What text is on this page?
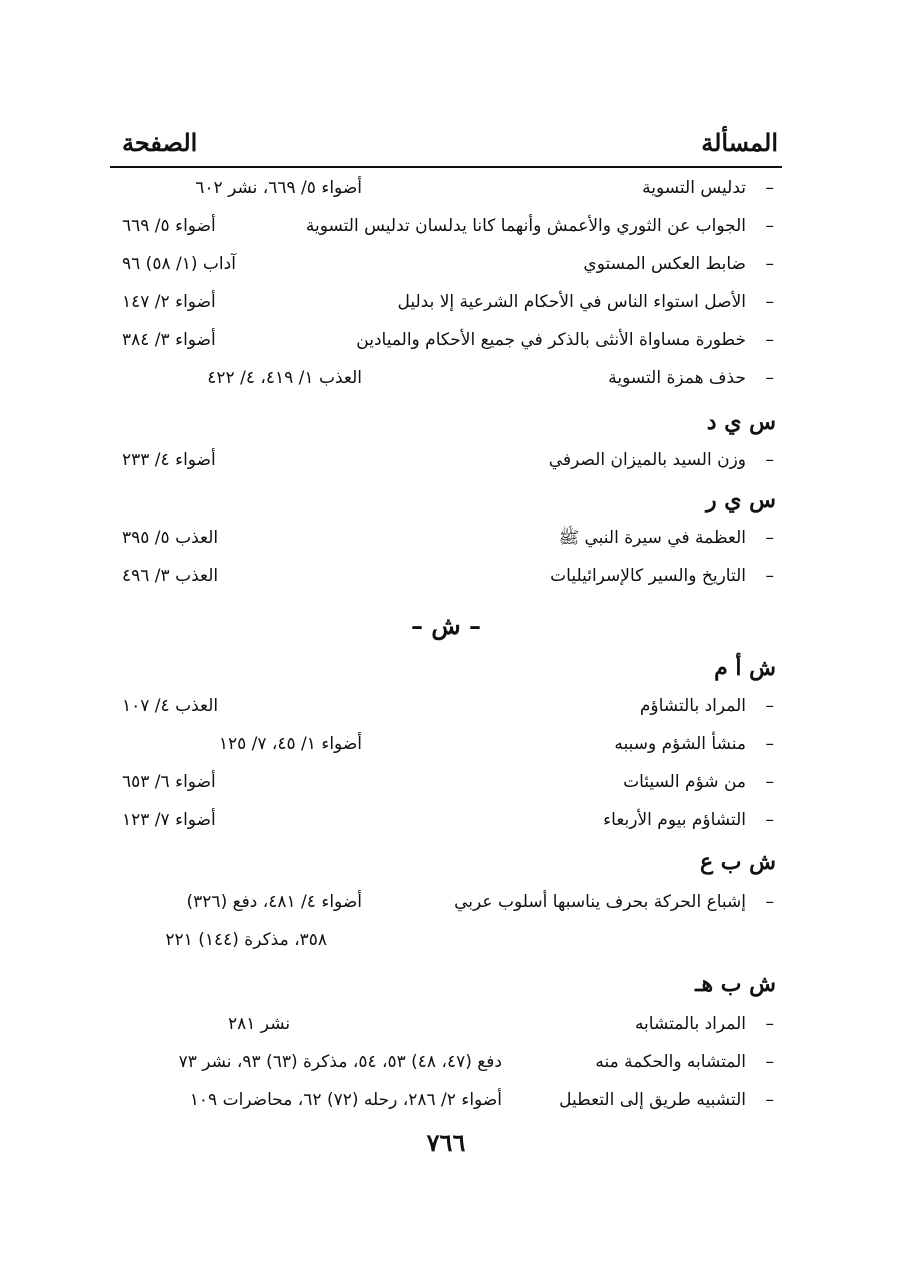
المسألة
الصفحة
–
تدليس التسوية
أضواء ٥/ ٦٦٩، نشر ٦٠٢
–
الجواب عن الثوري والأعمش وأنهما كانا يدلسان تدليس التسوية
أضواء ٥/ ٦٦٩
–
ضابط العكس المستوي
آداب (١/ ٥٨) ٩٦
–
الأصل استواء الناس في الأحكام الشرعية إلا بدليل
أضواء ٢/ ١٤٧
–
خطورة مساواة الأنثى بالذكر في جميع الأحكام والميادين
أضواء ٣/ ٣٨٤
–
حذف همزة التسوية
العذب ١/ ٤١٩، ٤/ ٤٢٢
س ي د
–
وزن السيد بالميزان الصرفي
أضواء ٤/ ٢٣٣
س ي ر
–
العظمة في سيرة النبي ﷺ
العذب ٥/ ٣٩٥
–
التاريخ والسير كالإسرائيليات
العذب ٣/ ٤٩٦
– ش –
ش أ م
–
المراد بالتشاؤم
العذب ٤/ ١٠٧
–
منشأ الشؤم وسببه
أضواء ١/ ٤٥، ٧/ ١٢٥
–
من شؤم السيئات
أضواء ٦/ ٦٥٣
–
التشاؤم بيوم الأربعاء
أضواء ٧/ ١٢٣
ش ب ع
–
إشباع الحركة بحرف يناسبها أسلوب عربي
أضواء ٤/ ٤٨١، دفع (٣٢٦)
٣٥٨، مذكرة (١٤٤) ٢٢١
ش ب هـ
–
المراد بالمتشابه
نشر ٢٨١
–
المتشابه والحكمة منه
دفع (٤٧، ٤٨) ٥٣، ٥٤، مذكرة (٦٣) ٩٣، نشر ٧٣
–
التشبيه طريق إلى التعطيل
أضواء ٢/ ٢٨٦، رحله (٧٢) ٦٢، محاضرات ١٠٩
٧٦٦
